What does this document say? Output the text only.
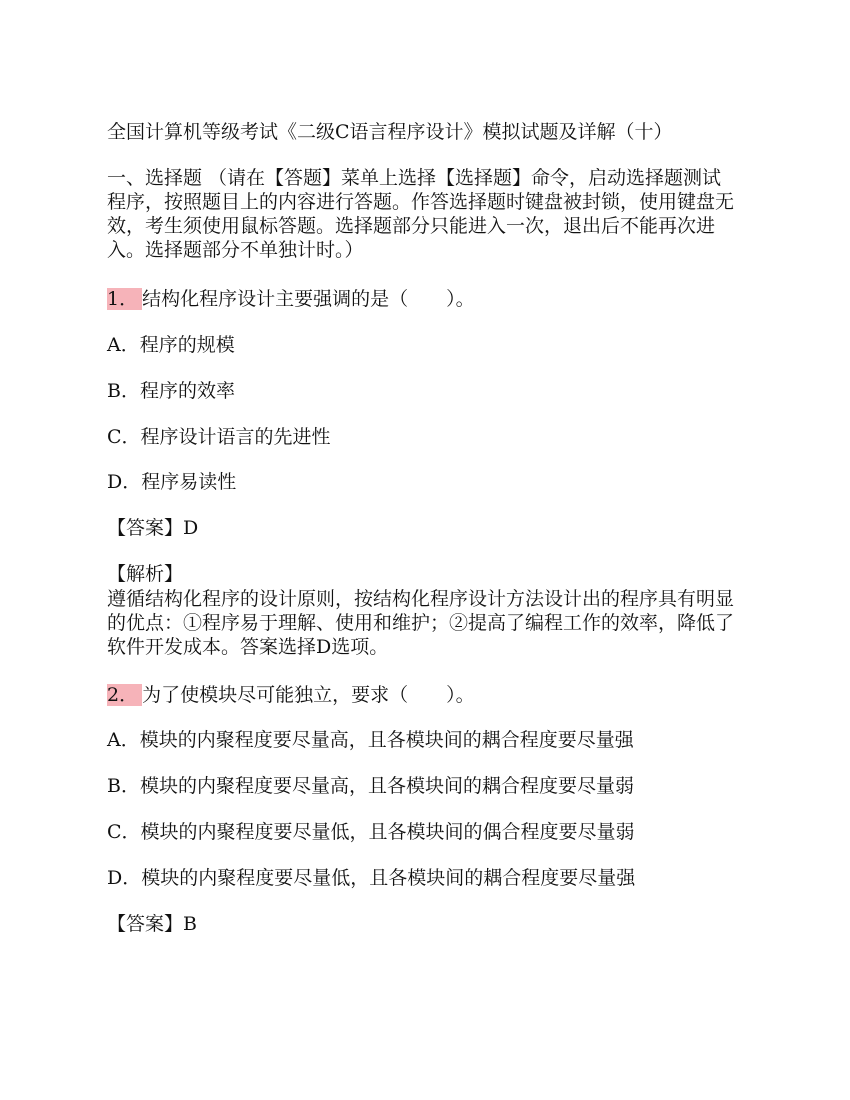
全国计算机等级考试《二级C语言程序设计》模拟试题及详解（十）
一、选择题 （请在【答题】菜单上选择【选择题】命令，启动选择题测试程序，按照题目上的内容进行答题。作答选择题时键盘被封锁，使用键盘无效，考生须使用鼠标答题。选择题部分只能进入一次，退出后不能再次进入。选择题部分不单独计时。）
1． 结构化程序设计主要强调的是（　　）。
A．程序的规模
B．程序的效率
C．程序设计语言的先进性
D．程序易读性
【答案】D
【解析】
遵循结构化程序的设计原则，按结构化程序设计方法设计出的程序具有明显的优点：①程序易于理解、使用和维护；②提高了编程工作的效率，降低了软件开发成本。答案选择D选项。
2． 为了使模块尽可能独立，要求（　　）。
A．模块的内聚程度要尽量高，且各模块间的耦合程度要尽量强
B．模块的内聚程度要尽量高，且各模块间的耦合程度要尽量弱
C．模块的内聚程度要尽量低，且各模块间的偶合程度要尽量弱
D．模块的内聚程度要尽量低，且各模块间的耦合程度要尽量强
【答案】B
